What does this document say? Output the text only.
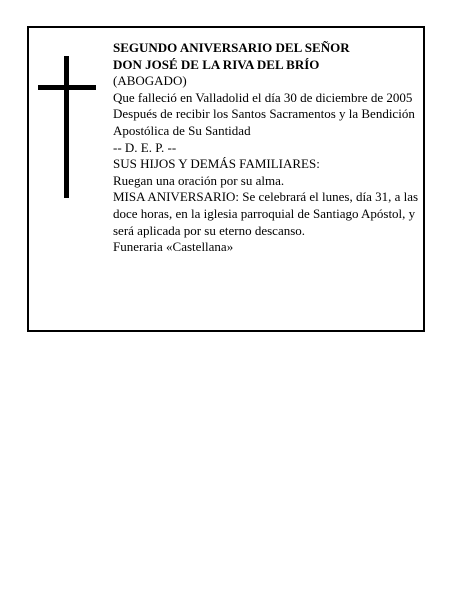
SEGUNDO ANIVERSARIO DEL SEÑOR

DON JOSÉ DE LA RIVA DEL BRÍO

(ABOGADO)

Que falleció en Valladolid el día 30 de diciembre de 2005

Después de recibir los Santos Sacramentos y la Bendición Apostólica de Su Santidad

-- D. E. P. --

SUS HIJOS Y DEMÁS FAMILIARES:

Ruegan una oración por su alma.

MISA ANIVERSARIO: Se celebrará el lunes, día 31, a las doce horas, en la iglesia parroquial de Santiago Apóstol, y será aplicada por su eterno descanso.

Funeraria «Castellana»
